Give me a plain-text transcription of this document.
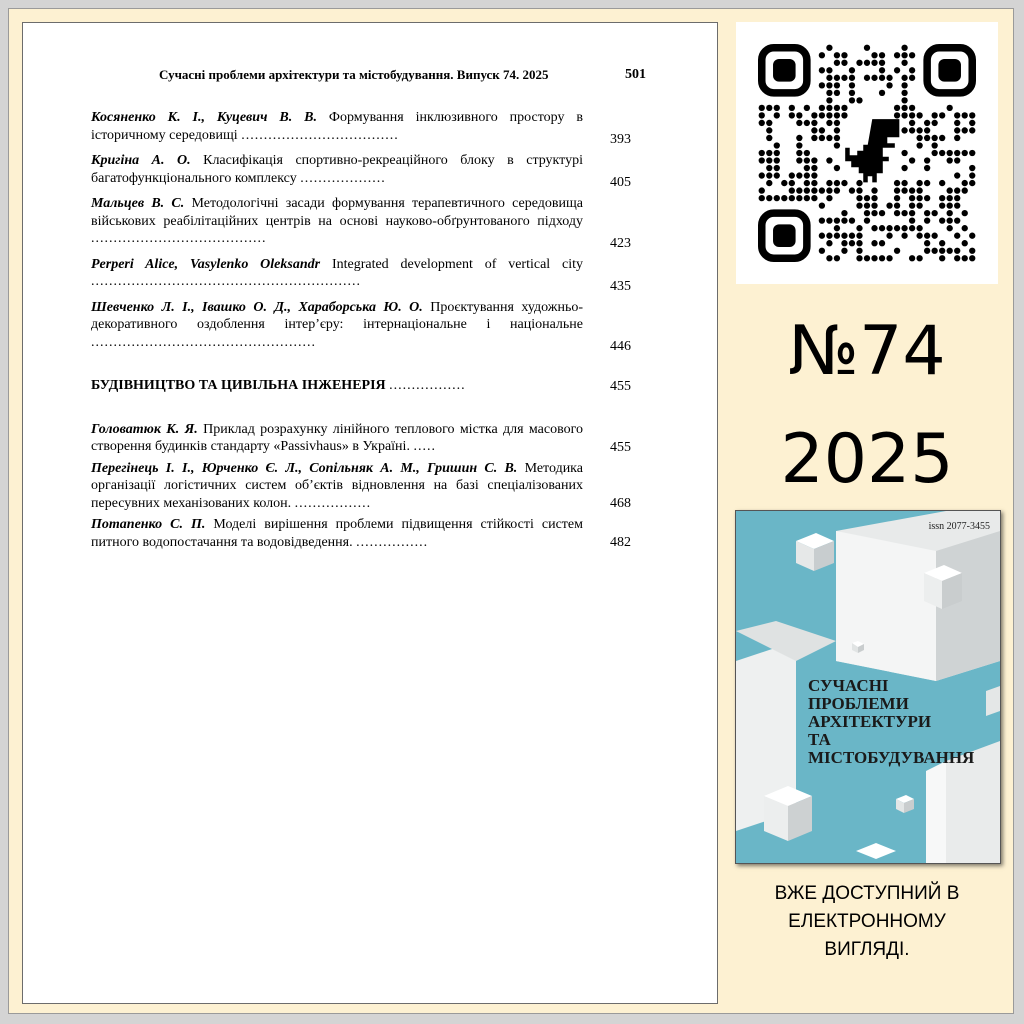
Сучасні проблеми архітектури та містобудування. Випуск 74. 2025	501
Косяненко К. І., Куцевич В. В. Формування інклюзивного простору в історичному середовищі ...................................	393
Кригіна А. О. Класифікація спортивно-рекреаційного блоку в структурі багатофункціонального комплексу ...................	405
Мальцев В. С. Методологічні засади формування терапевтичного середовища військових реабілітаційних центрів на основі науково-обґрунтованого підходу .......................................	423
Perperi Alice, Vasylenko Oleksandr Integrated development of vertical city ............................................................	435
Шевченко Л. І., Івашко О. Д., Хараборська Ю. О. Проєктування художньо-декоративного оздоблення інтер’єру: інтернаціональне і національне ..................................................	446
БУДІВНИЦТВО ТА ЦИВІЛЬНА ІНЖЕНЕРІЯ .................	455
Головатюк К. Я. Приклад розрахунку лінійного теплового містка для масового створення будинків стандарту «Passivhaus» в Україні. .....	455
Перегінець І. І., Юрченко Є. Л., Сопільняк А. М., Гришин С. В. Методика організації логістичних систем об’єктів відновлення на базі спеціалізованих пересувних механізованих колон. .................	468
Потапенко С. П. Моделі вирішення проблеми підвищення стійкості систем питного водопостачання та водовідведення. ................	482
№74
2025
issn 2077-3455
СУЧАСНІ ПРОБЛЕМИ
АРХІТЕКТУРИ
ТА МІСТОБУДУВАННЯ
ВЖЕ ДОСТУПНИЙ В
ЕЛЕКТРОННОМУ
ВИГЛЯДІ.
